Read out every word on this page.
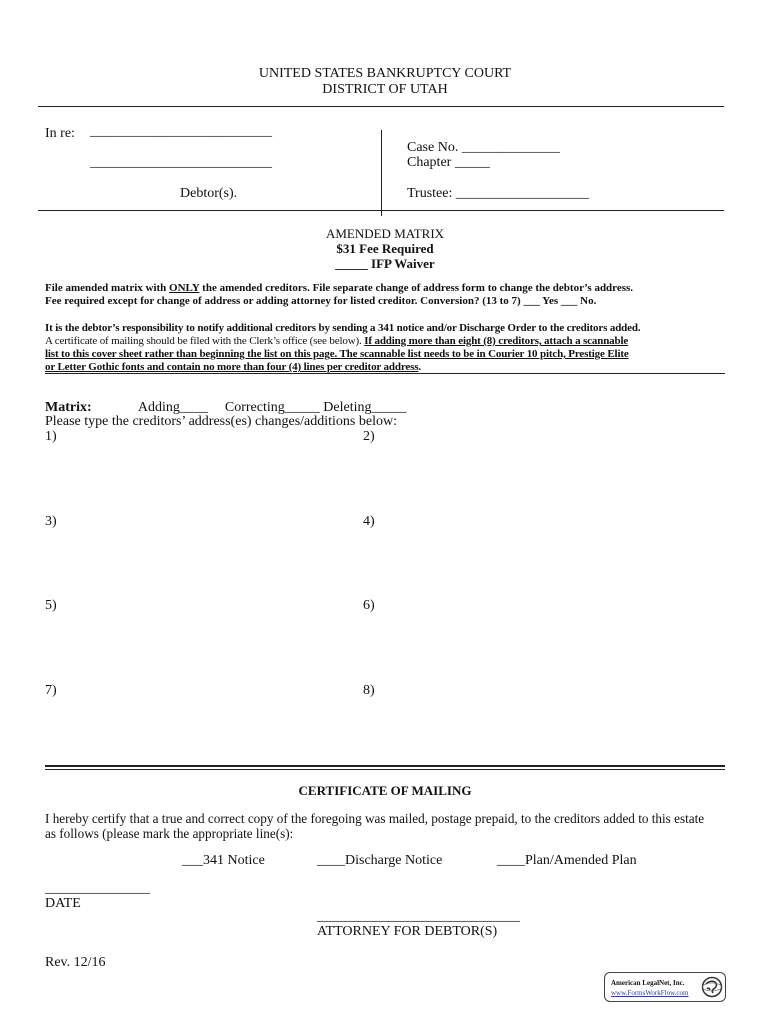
UNITED STATES BANKRUPTCY COURT
DISTRICT OF UTAH
In re: __________________________
__________________________
Debtor(s).
Case No. ______________
Chapter _____
Trustee: ___________________
AMENDED MATRIX
$31 Fee Required
_____ IFP Waiver
File amended matrix with ONLY the amended creditors. File separate change of address form to change the debtor’s address.
Fee required except for change of address or adding attorney for listed creditor. Conversion? (13 to 7) ___ Yes ___ No.
It is the debtor’s responsibility to notify additional creditors by sending a 341 notice and/or Discharge Order to the creditors added.
A certificate of mailing should be filed with the Clerk’s office (see below). If adding more than eight (8) creditors, attach a scannable
list to this cover sheet rather than beginning the list on this page. The scannable list needs to be in Courier 10 pitch, Prestige Elite
or Letter Gothic fonts and contain no more than four (4) lines per creditor address.
Matrix:	Adding____ Correcting_____ Deleting_____
Please type the creditors’ address(es) changes/additions below:
1)	2)
3)	4)
5)	6)
7)	8)
CERTIFICATE OF MAILING
I hereby certify that a true and correct copy of the foregoing was mailed, postage prepaid, to the creditors added to this estate
as follows (please mark the appropriate line(s):
___341 Notice	____Discharge Notice	____Plan/Amended Plan
_______________
DATE
_____________________________
ATTORNEY FOR DEBTOR(S)
Rev. 12/16
American LegalNet, Inc.
www.FormsWorkFlow.com
